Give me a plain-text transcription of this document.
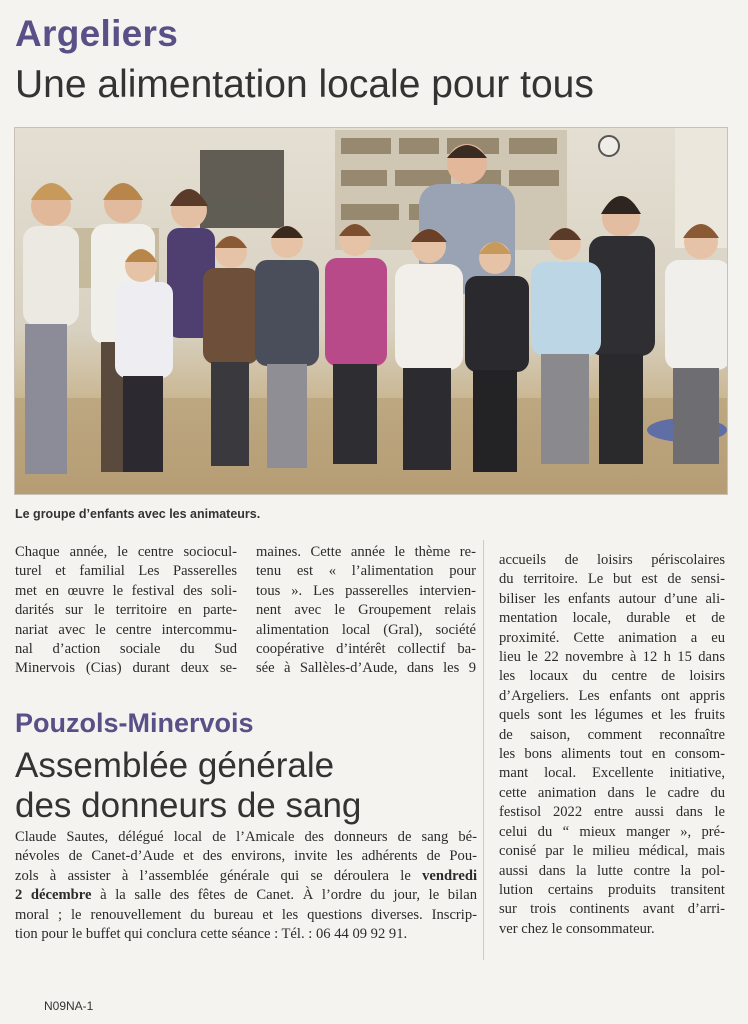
Argeliers
Une alimentation locale pour tous
Le groupe d’enfants avec les animateurs.
Chaque année, le centre sociocul-
turel et familial Les Passerelles
met en œuvre le festival des soli-
darités sur le territoire en parte-
nariat avec le centre intercommu-
nal d’action sociale du Sud
Minervois (Cias) durant deux se-
maines. Cette année le thème re-
tenu est « l’alimentation pour
tous ». Les passerelles intervien-
nent avec le Groupement relais
alimentation local (Gral), société
coopérative d’intérêt collectif ba-
sée à Sallèles-d’Aude, dans les 9
accueils de loisirs périscolaires
du territoire. Le but est de sensi-
biliser les enfants autour d’une ali-
mentation locale, durable et de
proximité. Cette animation a eu
lieu le 22 novembre à 12 h 15 dans
les locaux du centre de loisirs
d’Argeliers. Les enfants ont appris
quels sont les légumes et les fruits
de saison, comment reconnaître
les bons aliments tout en consom-
mant local. Excellente initiative,
cette animation dans le cadre du
festisol 2022 entre aussi dans le
celui du “ mieux manger », pré-
conisé par le milieu médical, mais
aussi dans la lutte contre la pol-
lution certains produits transitent
sur trois continents avant d’arri-
ver chez le consommateur.
Pouzols-Minervois
Assemblée générale
des donneurs de sang
Claude Sautes, délégué local de l’Amicale des donneurs de sang bé-
névoles de Canet-d’Aude et des environs, invite les adhérents de Pou-
zols à assister à l’assemblée générale qui se déroulera le vendredi
2 décembre à la salle des fêtes de Canet. À l’ordre du jour, le bilan
moral ; le renouvellement du bureau et les questions diverses. Inscrip-
tion pour le buffet qui conclura cette séance : Tél. : 06 44 09 92 91.
N09NA-1
